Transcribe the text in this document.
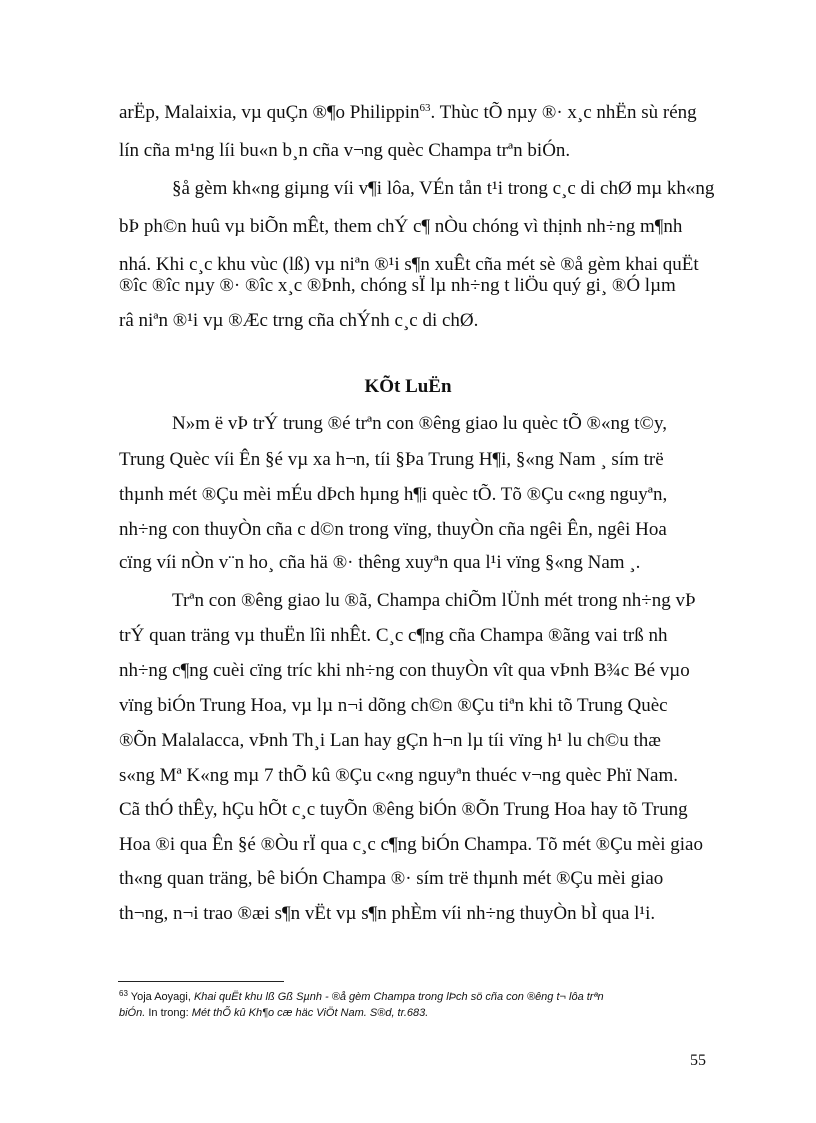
arËp, Malaixia, vµ quÇn ®¶o Philippin$^{63}$. Thùc tÕ nµy ®· x¸c nhËn sù réng
lín cña m¹ng líi bu«n b¸n cña v¬ng quèc Champa trªn biÓn.
§å gèm kh«ng giµng víi v¶i lôa, VÉn tån t¹i trong c¸c di chØ mµ kh«ng
bÞ ph©n huû vµ biÕn mÊt, them chÝ c¶ nÒu chóng vì thịnh nh÷ng m¶nh
nhá. Khi c¸c khu vùc (lß) vµ niªn ®¹i s¶n xuÊt cña mét sè ®å gèm khai quËt
®îc ®îc nµy ®· ®îc x¸c ®Þnh, chóng sÏ lµ nh÷ng t liÖu quý gi¸ ®Ó lµm
râ niªn ®¹i vµ ®Æc trng cña chÝnh c¸c di chØ.
KÕt LuËn
N»m ë vÞ trÝ trung ®é trªn con ®êng giao lu quèc tÕ ®«ng t©y,
Trung Quèc víi Ên §é vµ xa h¬n, tíi §Þa Trung H¶i, §«ng Nam ¸ sím trë
thµnh mét ®Çu mèi mÉu dÞch hµng h¶i quèc tÕ. Tõ ®Çu c«ng nguyªn,
nh÷ng con thuyÒn cña c d©n trong vïng, thuyÒn cña ngêi Ên, ngêi Hoa
cïng víi nÒn v¨n ho¸ cña hä ®· thêng xuyªn qua l¹i vïng §«ng Nam ¸.
Trªn con ®êng giao lu ®ã, Champa chiÕm lÜnh mét trong nh÷ng vÞ
trÝ quan träng vµ thuËn lîi nhÊt. C¸c c¶ng cña Champa ®ãng vai trß nh
nh÷ng c¶ng cuèi cïng tríc khi nh÷ng con thuyÒn vît qua vÞnh B¾c Bé vµo
vïng biÓn Trung Hoa, vµ lµ n¬i dõng ch©n ®Çu tiªn khi tõ Trung Quèc
®Õn Malalacca, vÞnh Th¸i Lan hay gÇn h¬n lµ tíi vïng h¹ lu ch©u thæ
s«ng Mª K«ng mµ 7 thÕ kû ®Çu c«ng nguyªn thuéc v¬ng quèc Phï Nam.
Cã thÓ thÊy, hÇu hÕt c¸c tuyÕn ®êng biÓn ®Õn Trung Hoa hay tõ Trung
Hoa ®i qua Ên §é ®Òu rÏ qua c¸c c¶ng biÓn Champa. Tõ mét ®Çu mèi giao
th«ng quan träng, bê biÓn Champa ®· sím trë thµnh mét ®Çu mèi giao
th¬ng, n¬i trao ®æi s¶n vËt vµ s¶n phÈm víi nh÷ng thuyÒn bÌ qua l¹i.
$^{63}$ Yoja Aoyagi, Khai quËt khu lß Gß Sµnh - ®å gèm Champa trong lÞch sö cña con ®êng t¬ lôa trªn
biÓn. In trong: Mét thÕ kû Kh¶o cæ häc ViÖt Nam. S®d, tr.683.
55
